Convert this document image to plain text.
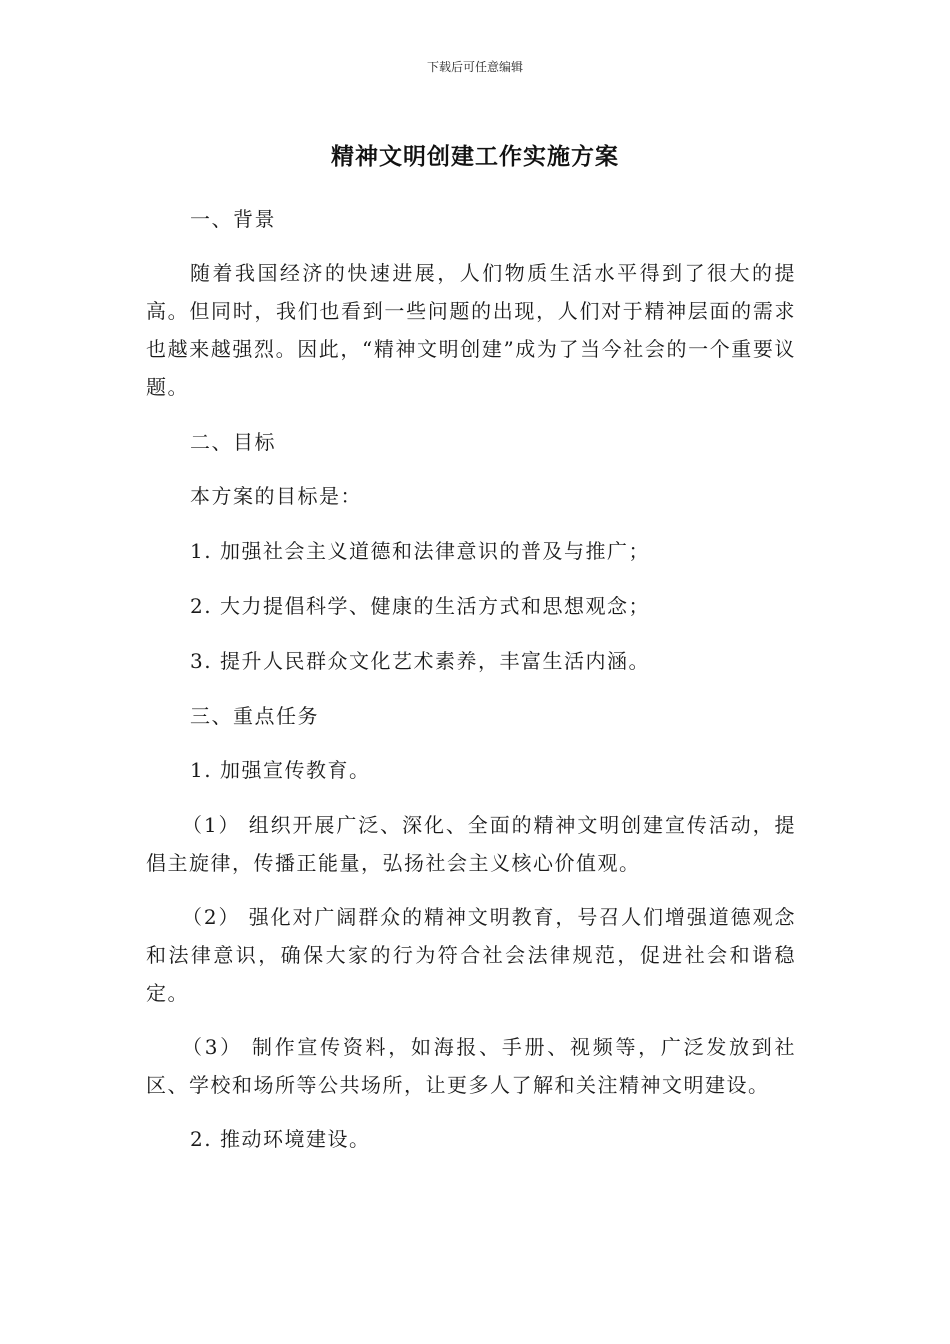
下载后可任意编辑
精神文明创建工作实施方案

一、背景

随着我国经济的快速进展，人们物质生活水平得到了很大的提高。但同时，我们也看到一些问题的出现，人们对于精神层面的需求也越来越强烈。因此，“精神文明创建”成为了当今社会的一个重要议题。

二、目标

本方案的目标是：

1. 加强社会主义道德和法律意识的普及与推广；

2. 大力提倡科学、健康的生活方式和思想观念；

3. 提升人民群众文化艺术素养，丰富生活内涵。

三、重点任务

1. 加强宣传教育。

（1） 组织开展广泛、深化、全面的精神文明创建宣传活动，提倡主旋律，传播正能量，弘扬社会主义核心价值观。

（2） 强化对广阔群众的精神文明教育，号召人们增强道德观念和法律意识，确保大家的行为符合社会法律规范，促进社会和谐稳定。

（3） 制作宣传资料，如海报、手册、视频等，广泛发放到社区、学校和场所等公共场所，让更多人了解和关注精神文明建设。

2. 推动环境建设。
